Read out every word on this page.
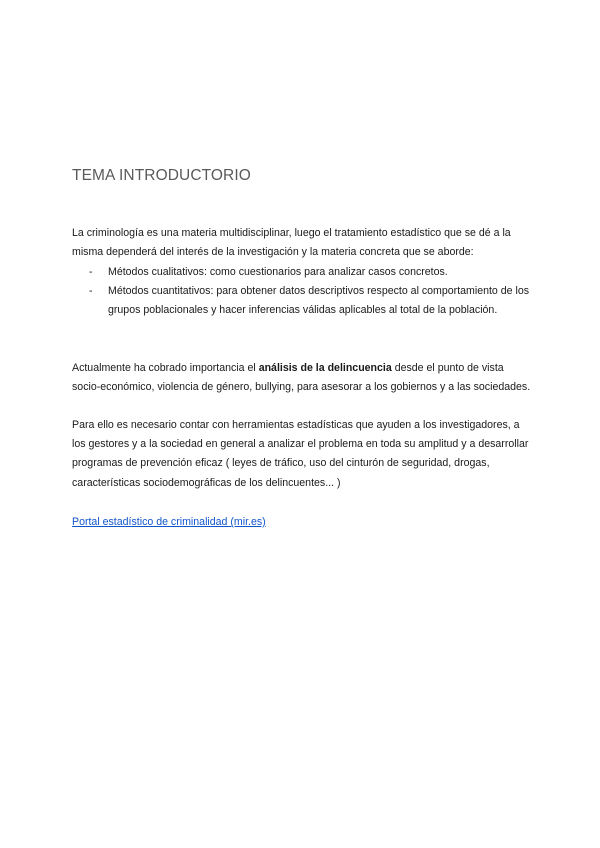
TEMA INTRODUCTORIO

La criminología es una materia multidisciplinar, luego el tratamiento estadístico que se dé a la misma dependerá del interés de la investigación y la materia concreta que se aborde:

- Métodos cualitativos: como cuestionarios para analizar casos concretos.
- Métodos cuantitativos: para obtener datos descriptivos respecto al comportamiento de los grupos poblacionales y hacer inferencias válidas aplicables al total de la población.

Actualmente ha cobrado importancia el análisis de la delincuencia desde el punto de vista socio-económico, violencia de género, bullying, para asesorar a los gobiernos y a las sociedades.

Para ello es necesario contar con herramientas estadísticas que ayuden a los investigadores, a los gestores y a la sociedad en general a analizar el problema en toda su amplitud y a desarrollar programas de prevención eficaz ( leyes de tráfico, uso del cinturón de seguridad, drogas, características sociodemográficas de los delincuentes... )

Portal estadístico de criminalidad (mir.es)
